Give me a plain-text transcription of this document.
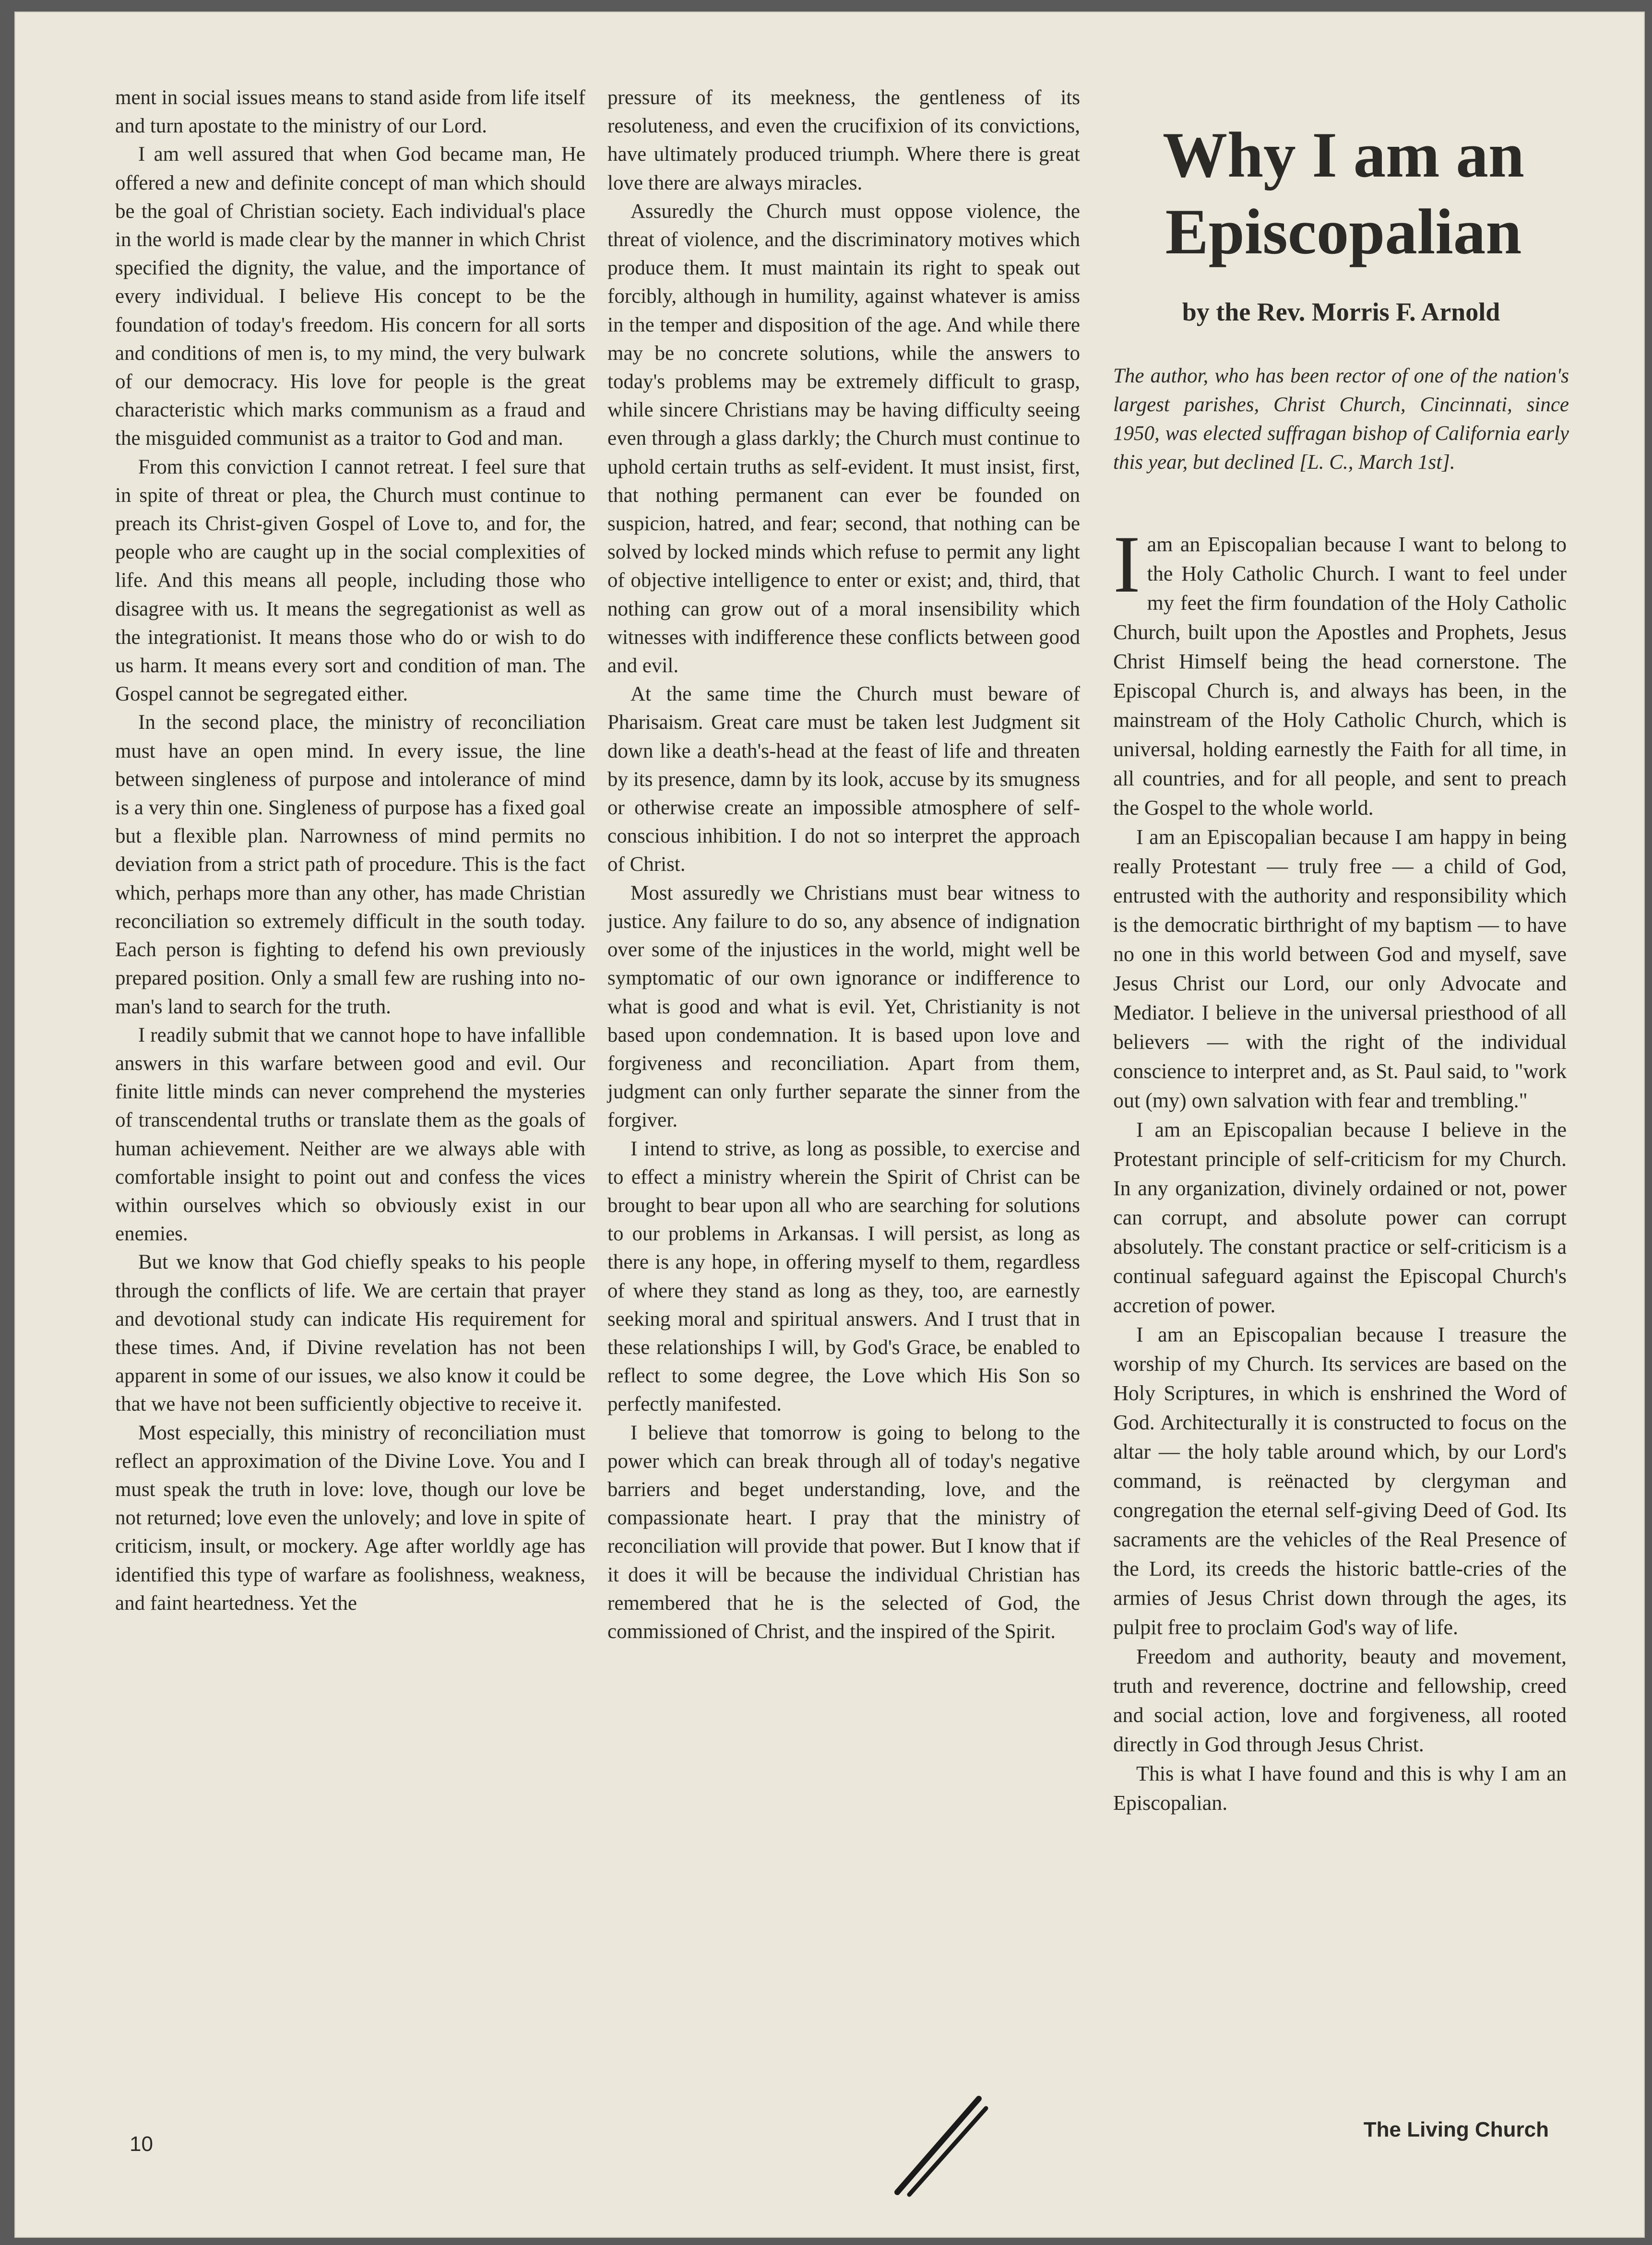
ment in social issues means to stand aside from life itself and turn apostate to the ministry of our Lord.

I am well assured that when God became man, He offered a new and definite concept of man which should be the goal of Christian society. Each individual's place in the world is made clear by the manner in which Christ specified the dignity, the value, and the importance of every individual. I believe His concept to be the foundation of today's freedom. His concern for all sorts and conditions of men is, to my mind, the very bulwark of our democracy. His love for people is the great characteristic which marks communism as a fraud and the misguided communist as a traitor to God and man.

From this conviction I cannot retreat. I feel sure that in spite of threat or plea, the Church must continue to preach its Christ-given Gospel of Love to, and for, the people who are caught up in the social complexities of life. And this means all people, including those who disagree with us. It means the segregationist as well as the integrationist. It means those who do or wish to do us harm. It means every sort and condition of man. The Gospel cannot be segregated either.

In the second place, the ministry of reconciliation must have an open mind. In every issue, the line between singleness of purpose and intolerance of mind is a very thin one. Singleness of purpose has a fixed goal but a flexible plan. Narrowness of mind permits no deviation from a strict path of procedure. This is the fact which, perhaps more than any other, has made Christian reconciliation so extremely difficult in the south today. Each person is fighting to defend his own previously prepared position. Only a small few are rushing into no-man's land to search for the truth.

I readily submit that we cannot hope to have infallible answers in this warfare between good and evil. Our finite little minds can never comprehend the mysteries of transcendental truths or translate them as the goals of human achievement. Neither are we always able with comfortable insight to point out and confess the vices within ourselves which so obviously exist in our enemies.

But we know that God chiefly speaks to his people through the conflicts of life. We are certain that prayer and devotional study can indicate His requirement for these times. And, if Divine revelation has not been apparent in some of our issues, we also know it could be that we have not been sufficiently objective to receive it.

Most especially, this ministry of reconciliation must reflect an approximation of the Divine Love. You and I must speak the truth in love: love, though our love be not returned; love even the unlovely; and love in spite of criticism, insult, or mockery. Age after worldly age has identified this type of warfare as foolishness, weakness, and faint heartedness. Yet the

pressure of its meekness, the gentleness of its resoluteness, and even the crucifixion of its convictions, have ultimately produced triumph. Where there is great love there are always miracles.

Assuredly the Church must oppose violence, the threat of violence, and the discriminatory motives which produce them. It must maintain its right to speak out forcibly, although in humility, against whatever is amiss in the temper and disposition of the age. And while there may be no concrete solutions, while the answers to today's problems may be extremely difficult to grasp, while sincere Christians may be having difficulty seeing even through a glass darkly; the Church must continue to uphold certain truths as self-evident. It must insist, first, that nothing permanent can ever be founded on suspicion, hatred, and fear; second, that nothing can be solved by locked minds which refuse to permit any light of objective intelligence to enter or exist; and, third, that nothing can grow out of a moral insensibility which witnesses with indifference these conflicts between good and evil.

At the same time the Church must beware of Pharisaism. Great care must be taken lest Judgment sit down like a death's-head at the feast of life and threaten by its presence, damn by its look, accuse by its smugness or otherwise create an impossible atmosphere of self-conscious inhibition. I do not so interpret the approach of Christ.

Most assuredly we Christians must bear witness to justice. Any failure to do so, any absence of indignation over some of the injustices in the world, might well be symptomatic of our own ignorance or indifference to what is good and what is evil. Yet, Christianity is not based upon condemnation. It is based upon love and forgiveness and reconciliation. Apart from them, judgment can only further separate the sinner from the forgiver.

I intend to strive, as long as possible, to exercise and to effect a ministry wherein the Spirit of Christ can be brought to bear upon all who are searching for solutions to our problems in Arkansas. I will persist, as long as there is any hope, in offering myself to them, regardless of where they stand as long as they, too, are earnestly seeking moral and spiritual answers. And I trust that in these relationships I will, by God's Grace, be enabled to reflect to some degree, the Love which His Son so perfectly manifested.

I believe that tomorrow is going to belong to the power which can break through all of today's negative barriers and beget understanding, love, and the compassionate heart. I pray that the ministry of reconciliation will provide that power. But I know that if it does it will be because the individual Christian has remembered that he is the selected of God, the commissioned of Christ, and the inspired of the Spirit.

Why I am an Episcopalian
by the Rev. Morris F. Arnold
The author, who has been rector of one of the nation's largest parishes, Christ Church, Cincinnati, since 1950, was elected suffragan bishop of California early this year, but declined [L. C., March 1st].

Iam an Episcopalian because I want to belong to the Holy Catholic Church. I want to feel under my feet the firm foundation of the Holy Catholic Church, built upon the Apostles and Prophets, Jesus Christ Himself being the head cornerstone. The Episcopal Church is, and always has been, in the mainstream of the Holy Catholic Church, which is universal, holding earnestly the Faith for all time, in all countries, and for all people, and sent to preach the Gospel to the whole world.

I am an Episcopalian because I am happy in being really Protestant — truly free — a child of God, entrusted with the authority and responsibility which is the democratic birthright of my baptism — to have no one in this world between God and myself, save Jesus Christ our Lord, our only Advocate and Mediator. I believe in the universal priesthood of all believers — with the right of the individual conscience to interpret and, as St. Paul said, to "work out (my) own salvation with fear and trembling."

I am an Episcopalian because I believe in the Protestant principle of self-criticism for my Church. In any organization, divinely ordained or not, power can corrupt, and absolute power can corrupt absolutely. The constant practice or self-criticism is a continual safeguard against the Episcopal Church's accretion of power.

I am an Episcopalian because I treasure the worship of my Church. Its services are based on the Holy Scriptures, in which is enshrined the Word of God. Architecturally it is constructed to focus on the altar — the holy table around which, by our Lord's command, is reënacted by clergyman and congregation the eternal self-giving Deed of God. Its sacraments are the vehicles of the Real Presence of the Lord, its creeds the historic battle-cries of the armies of Jesus Christ down through the ages, its pulpit free to proclaim God's way of life.

Freedom and authority, beauty and movement, truth and reverence, doctrine and fellowship, creed and social action, love and forgiveness, all rooted directly in God through Jesus Christ.

This is what I have found and this is why I am an Episcopalian.

10
The Living Church
